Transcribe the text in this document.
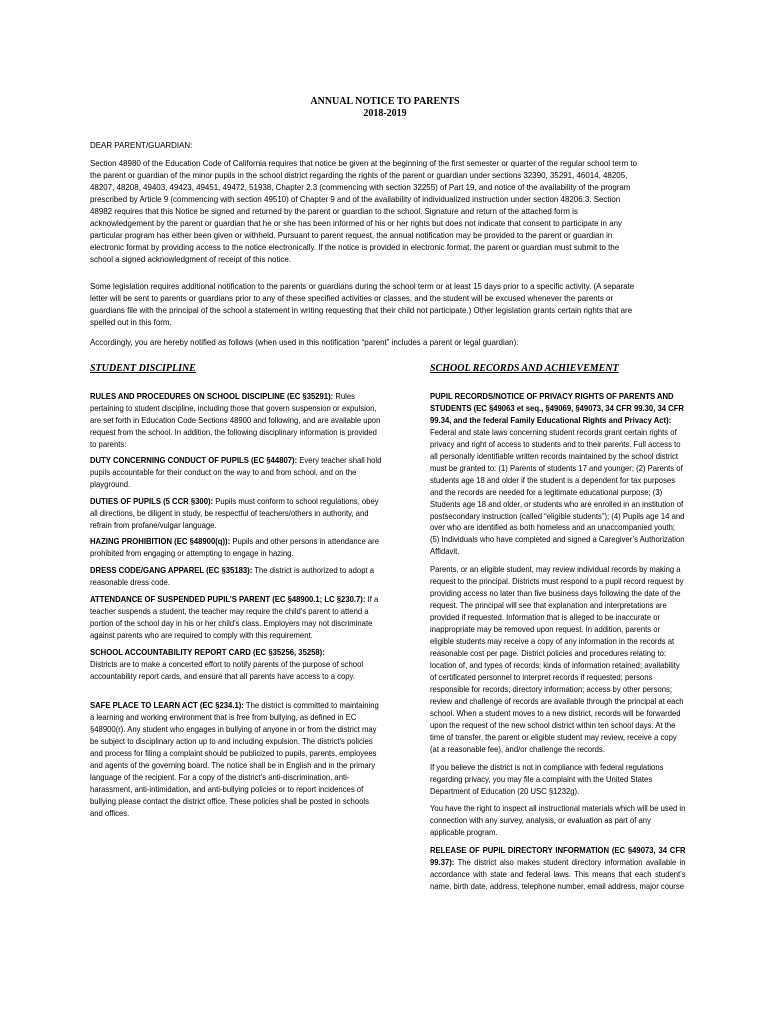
ANNUAL NOTICE TO PARENTS
2018-2019

DEAR PARENT/GUARDIAN:

Section 48980 of the Education Code of California requires that notice be given at the beginning of the first semester or quarter of the regular school term to the parent or guardian of the minor pupils in the school district regarding the rights of the parent or guardian under sections 32390, 35291, 46014, 48205, 48207, 48208, 49403, 49423, 49451, 49472, 51938, Chapter 2.3 (commencing with section 32255) of Part 19, and notice of the availability of the program prescribed by Article 9 (commencing with section 49510) of Chapter 9 and of the availability of individualized instruction under section 48206.3. Section 48982 requires that this Notice be signed and returned by the parent or guardian to the school. Signature and return of the attached form is acknowledgement by the parent or guardian that he or she has been informed of his or her rights but does not indicate that consent to participate in any particular program has either been given or withheld. Pursuant to parent request, the annual notification may be provided to the parent or guardian in electronic format by providing access to the notice electronically. If the notice is provided in electronic format, the parent or guardian must submit to the school a signed acknowledgment of receipt of this notice.

Some legislation requires additional notification to the parents or guardians during the school term or at least 15 days prior to a specific activity. (A separate letter will be sent to parents or guardians prior to any of these specified activities or classes, and the student will be excused whenever the parents or guardians file with the principal of the school a statement in writing requesting that their child not participate.) Other legislation grants certain rights that are spelled out in this form.

Accordingly, you are hereby notified as follows (when used in this notification “parent” includes a parent or legal guardian):

STUDENT DISCIPLINE

RULES AND PROCEDURES ON SCHOOL DISCIPLINE (EC §35291): Rules pertaining to student discipline, including those that govern suspension or expulsion, are set forth in Education Code Sections 48900 and following, and are available upon request from the school. In addition, the following disciplinary information is provided to parents:

DUTY CONCERNING CONDUCT OF PUPILS (EC §44807): Every teacher shall hold pupils accountable for their conduct on the way to and from school, and on the playground.

DUTIES OF PUPILS (5 CCR §300): Pupils must conform to school regulations, obey all directions, be diligent in study, be respectful of teachers/others in authority, and refrain from profane/vulgar language.

HAZING PROHIBITION (EC §48900(q)): Pupils and other persons in attendance are prohibited from engaging or attempting to engage in hazing.

DRESS CODE/GANG APPAREL (EC §35183): The district is authorized to adopt a reasonable dress code.

ATTENDANCE OF SUSPENDED PUPIL’S PARENT (EC §48900.1; LC §230.7): If a teacher suspends a student, the teacher may require the child's parent to attend a portion of the school day in his or her child's class. Employers may not discriminate against parents who are required to comply with this requirement.

SCHOOL ACCOUNTABILITY REPORT CARD (EC §35256, 35258):
Districts are to make a concerted effort to notify parents of the purpose of school accountability report cards, and ensure that all parents have access to a copy.

SAFE PLACE TO LEARN ACT (EC §234.1): The district is committed to maintaining a learning and working environment that is free from bullying, as defined in EC §48900(r). Any student who engages in bullying of anyone in or from the district may be subject to disciplinary action up to and including expulsion. The district's policies and process for filing a complaint should be publicized to pupils, parents, employees and agents of the governing board. The notice shall be in English and in the primary language of the recipient. For a copy of the district’s anti-discrimination, anti-harassment, anti-intimidation, and anti-bullying policies or to report incidences of bullying please contact the district office. These policies shall be posted in schools and offices.

SCHOOL RECORDS AND ACHIEVEMENT

PUPIL RECORDS/NOTICE OF PRIVACY RIGHTS OF PARENTS AND STUDENTS (EC §49063 et seq., §49069, §49073, 34 CFR 99.30, 34 CFR 99.34, and the federal Family Educational Rights and Privacy Act): Federal and state laws concerning student records grant certain rights of privacy and right of access to students and to their parents. Full access to all personally identifiable written records maintained by the school district must be granted to: (1) Parents of students 17 and younger; (2) Parents of students age 18 and older if the student is a dependent for tax purposes and the records are needed for a legitimate educational purpose; (3) Students age 18 and older, or students who are enrolled in an institution of postsecondary instruction (called “eligible students”); (4) Pupils age 14 and over who are identified as both homeless and an unaccompanied youth; (5) Individuals who have completed and signed a Caregiver’s Authorization Affidavit.

Parents, or an eligible student, may review individual records by making a request to the principal. Districts must respond to a pupil record request by providing access no later than five business days following the date of the request. The principal will see that explanation and interpretations are provided if requested. Information that is alleged to be inaccurate or inappropriate may be removed upon request. In addition, parents or eligible students may receive a copy of any information in the records at reasonable cost per page. District policies and procedures relating to: location of, and types of records; kinds of information retained; availability of certificated personnel to interpret records if requested; persons responsible for records; directory information; access by other persons; review and challenge of records are available through the principal at each school. When a student moves to a new district, records will be forwarded upon the request of the new school district within ten school days. At the time of transfer, the parent or eligible student may review, receive a copy (at a reasonable fee), and/or challenge the records.

If you believe the district is not in compliance with federal regulations regarding privacy, you may file a complaint with the United States Department of Education (20 USC §1232g).

You have the right to inspect all instructional materials which will be used in connection with any survey, analysis, or evaluation as part of any applicable program.

RELEASE OF PUPIL DIRECTORY INFORMATION (EC §49073, 34 CFR 99.37): The district also makes student directory information available in accordance with state and federal laws. This means that each student’s name, birth date, address, telephone number, email address, major course
